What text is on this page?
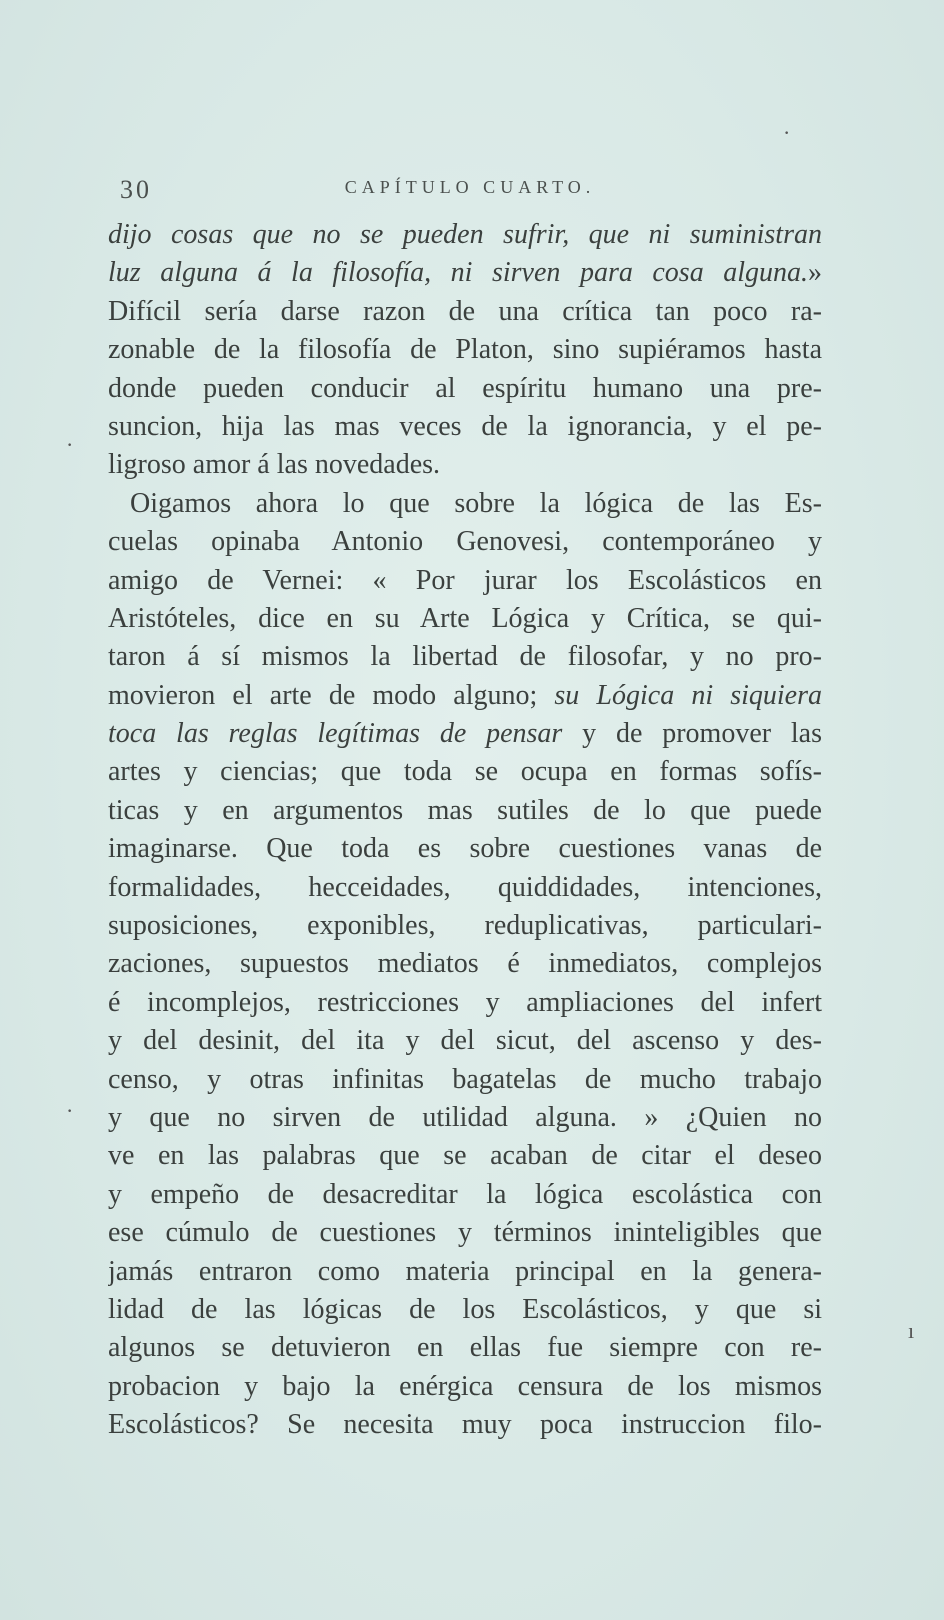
30	CAPÍTULO CUARTO.
dijo cosas que no se pueden sufrir, que ni suministran
luz alguna á la filosofía, ni sirven para cosa alguna.»
Difícil sería darse razon de una crítica tan poco ra-
zonable de la filosofía de Platon, sino supiéramos hasta
donde pueden conducir al espíritu humano una pre-
suncion, hija las mas veces de la ignorancia, y el pe-
ligroso amor á las novedades.
Oigamos ahora lo que sobre la lógica de las Es-
cuelas opinaba Antonio Genovesi, contemporáneo y
amigo de Vernei: « Por jurar los Escolásticos en
Aristóteles, dice en su Arte Lógica y Crítica, se qui-
taron á sí mismos la libertad de filosofar, y no pro-
movieron el arte de modo alguno; su Lógica ni siquiera
toca las reglas legítimas de pensar y de promover las
artes y ciencias; que toda se ocupa en formas sofís-
ticas y en argumentos mas sutiles de lo que puede
imaginarse. Que toda es sobre cuestiones vanas de
formalidades, hecceidades, quiddidades, intenciones,
suposiciones, exponibles, reduplicativas, particulari-
zaciones, supuestos mediatos é inmediatos, complejos
é incomplejos, restricciones y ampliaciones del infert
y del desinit, del ita y del sicut, del ascenso y des-
censo, y otras infinitas bagatelas de mucho trabajo
y que no sirven de utilidad alguna. » ¿Quien no
ve en las palabras que se acaban de citar el deseo
y empeño de desacreditar la lógica escolástica con
ese cúmulo de cuestiones y términos ininteligibles que
jamás entraron como materia principal en la genera-
lidad de las lógicas de los Escolásticos, y que si
algunos se detuvieron en ellas fue siempre con re-
probacion y bajo la enérgica censura de los mismos
Escolásticos? Se necesita muy poca instruccion filo-
·
·
·
ı
